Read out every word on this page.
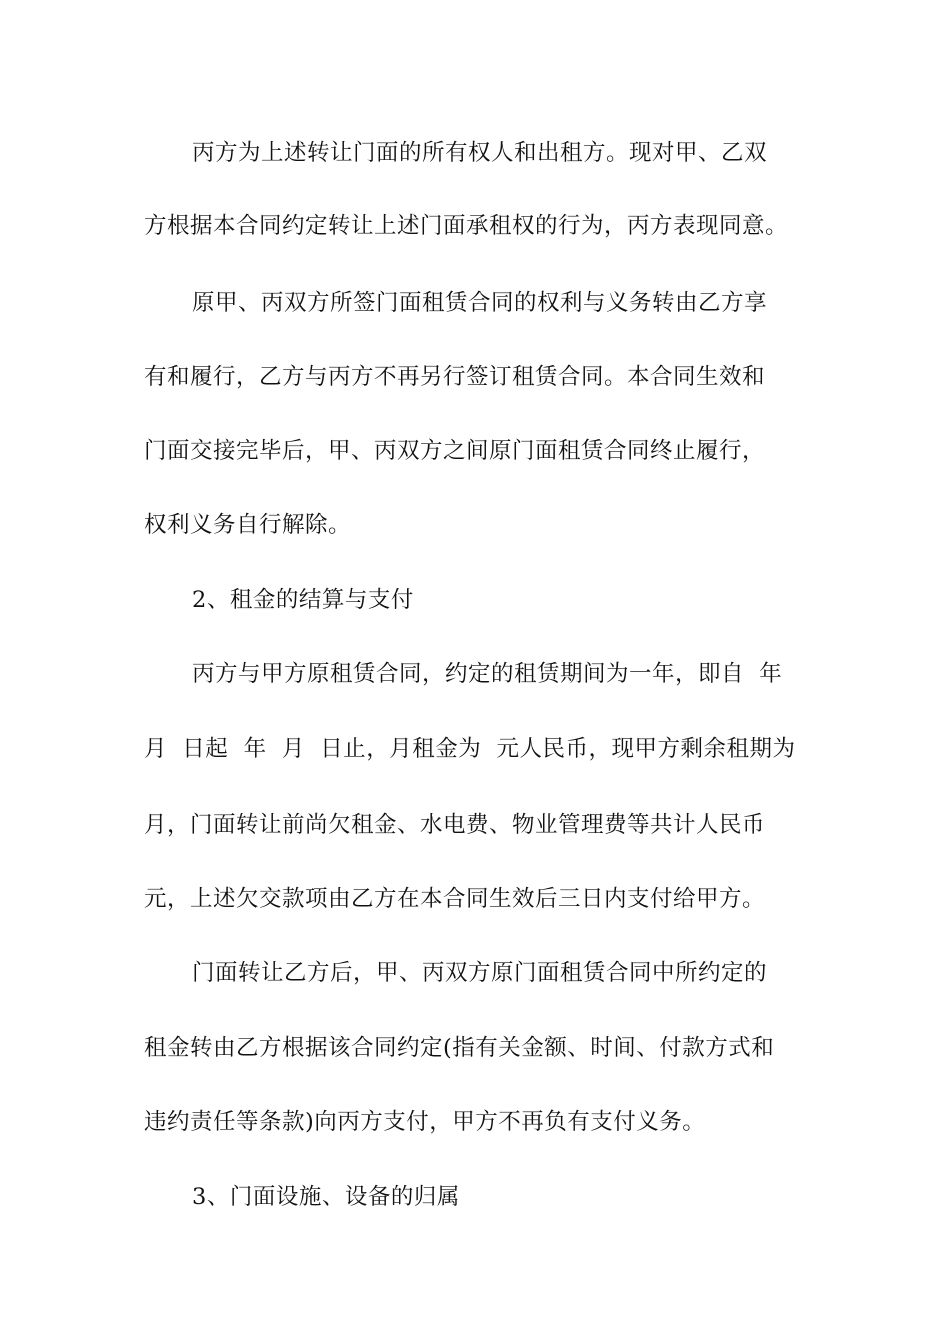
丙方为上述转让门面的所有权人和出租方。现对甲、乙双
方根据本合同约定转让上述门面承租权的行为，丙方表现同意。
原甲、丙双方所签门面租赁合同的权利与义务转由乙方享
有和履行，乙方与丙方不再另行签订租赁合同。本合同生效和
门面交接完毕后，甲、丙双方之间原门面租赁合同终止履行，
权利义务自行解除。
2、租金的结算与支付
丙方与甲方原租赁合同，约定的租赁期间为一年，即自  年
月  日起  年  月  日止，月租金为  元人民币，现甲方剩余租期为
月，门面转让前尚欠租金、水电费、物业管理费等共计人民币
元，上述欠交款项由乙方在本合同生效后三日内支付给甲方。
门面转让乙方后，甲、丙双方原门面租赁合同中所约定的
租金转由乙方根据该合同约定(指有关金额、时间、付款方式和
违约责任等条款)向丙方支付，甲方不再负有支付义务。
3、门面设施、设备的归属
